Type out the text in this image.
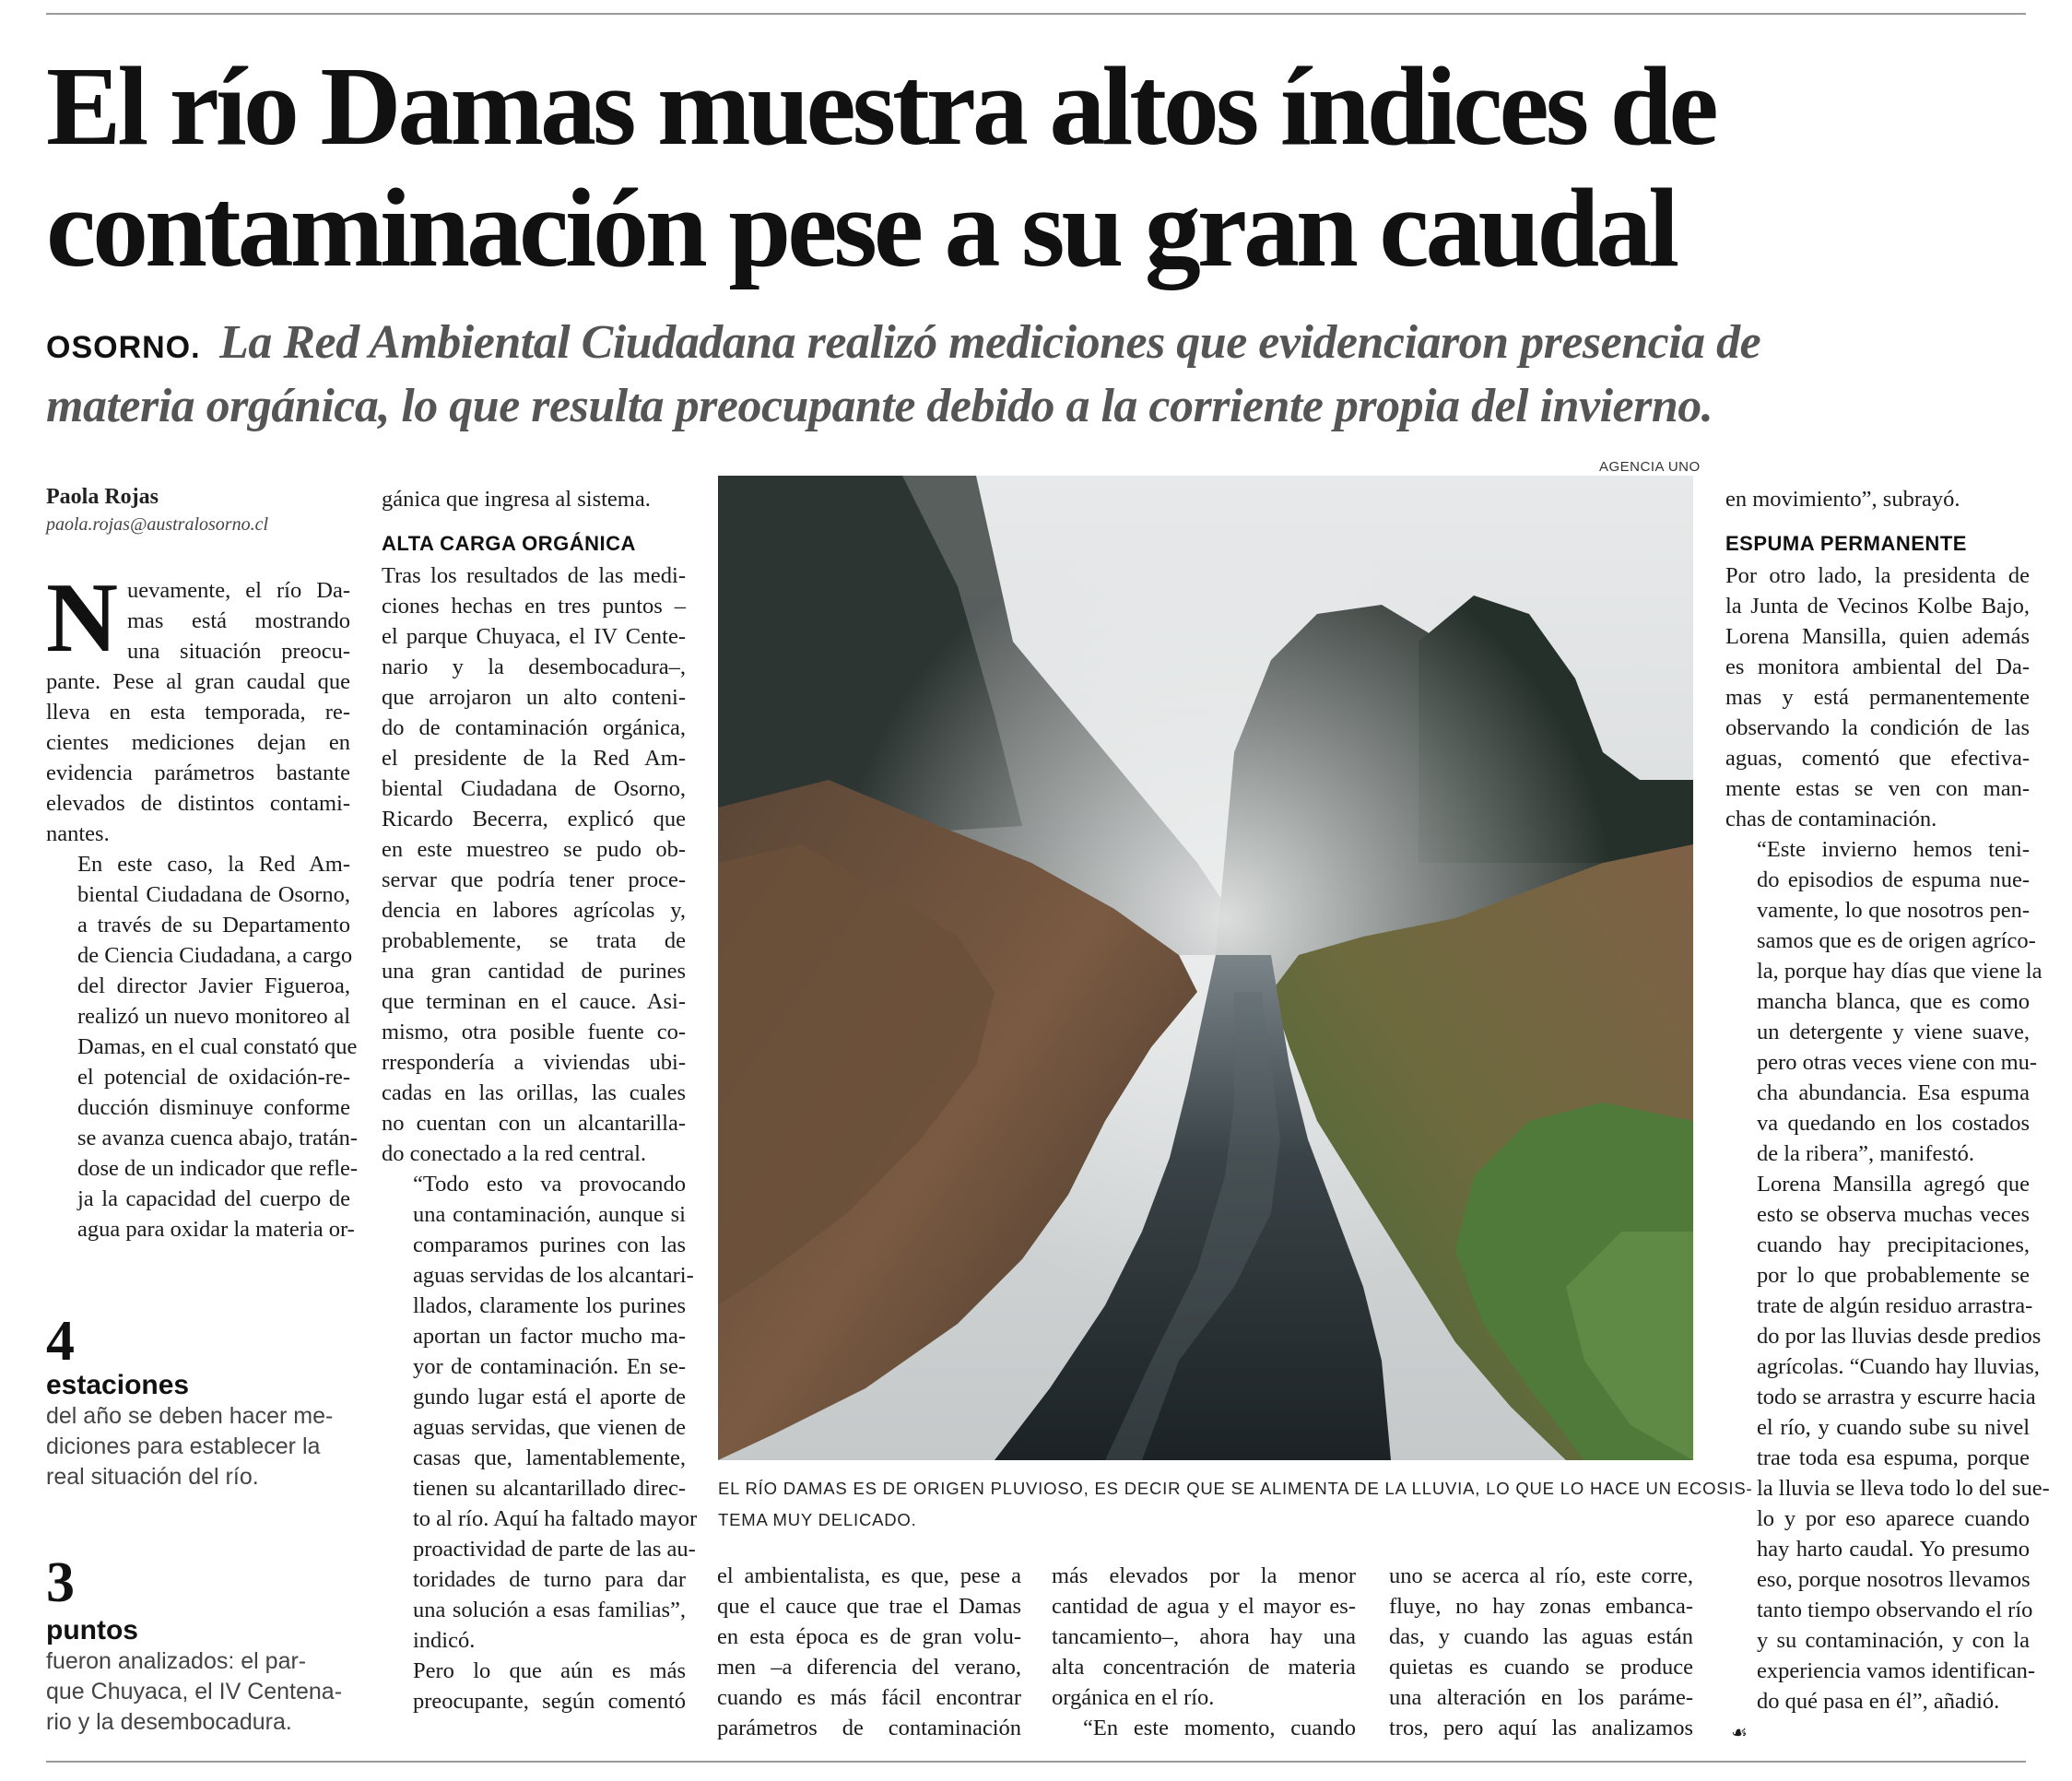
El río Damas muestra altos índices de
contaminación pese a su gran caudal
OSORNO. La Red Ambiental Ciudadana realizó mediciones que evidenciaron presencia de
materia orgánica, lo que resulta preocupante debido a la corriente propia del invierno.
Paola Rojas
paola.rojas@australosorno.cl

N uevamente, el río Da-
mas está mostrando
una situación preocu-
pante. Pese al gran caudal que
lleva en esta temporada, re-
cientes mediciones dejan en
evidencia parámetros bastante
elevados de distintos contami-
nantes.

En este caso, la Red Am-
biental Ciudadana de Osorno,
a través de su Departamento
de Ciencia Ciudadana, a cargo
del director Javier Figueroa,
realizó un nuevo monitoreo al
Damas, en el cual constató que
el potencial de oxidación-re-
ducción disminuye conforme
se avanza cuenca abajo, tratán-
dose de un indicador que refle-
ja la capacidad del cuerpo de
agua para oxidar la materia or-

4
estaciones
del año se deben hacer me-
diciones para establecer la
real situación del río.
3
puntos
fueron analizados: el par-
que Chuyaca, el IV Centena-
rio y la desembocadura.

gánica que ingresa al sistema.

ALTA CARGA ORGÁNICA

Tras los resultados de las medi-
ciones hechas en tres puntos –
el parque Chuyaca, el IV Cente-
nario y la desembocadura–,
que arrojaron un alto conteni-
do de contaminación orgánica,
el presidente de la Red Am-
biental Ciudadana de Osorno,
Ricardo Becerra, explicó que
en este muestreo se pudo ob-
servar que podría tener proce-
dencia en labores agrícolas y,
probablemente, se trata de
una gran cantidad de purines
que terminan en el cauce. Asi-
mismo, otra posible fuente co-
rrespondería a viviendas ubi-
cadas en las orillas, las cuales
no cuentan con un alcantarilla-
do conectado a la red central.

“Todo esto va provocando
una contaminación, aunque si
comparamos purines con las
aguas servidas de los alcantari-
llados, claramente los purines
aportan un factor mucho ma-
yor de contaminación. En se-
gundo lugar está el aporte de
aguas servidas, que vienen de
casas que, lamentablemente,
tienen su alcantarillado direc-
to al río. Aquí ha faltado mayor
proactividad de parte de las au-
toridades de turno para dar
una solución a esas familias”,
indicó.

Pero lo que aún es más
preocupante, según comentó

AGENCIA UNO
EL RÍO DAMAS ES DE ORIGEN PLUVIOSO, ES DECIR QUE SE ALIMENTA DE LA LLUVIA, LO QUE LO HACE UN ECOSIS-
TEMA MUY DELICADO.

el ambientalista, es que, pese a
que el cauce que trae el Damas
en esta época es de gran volu-
men –a diferencia del verano,
cuando es más fácil encontrar
parámetros de contaminación

más elevados por la menor
cantidad de agua y el mayor es-
tancamiento–, ahora hay una
alta concentración de materia
orgánica en el río.

“En este momento, cuando

uno se acerca al río, este corre,
fluye, no hay zonas embanca-
das, y cuando las aguas están
quietas es cuando se produce
una alteración en los paráme-
tros, pero aquí las analizamos

en movimiento”, subrayó.

ESPUMA PERMANENTE

Por otro lado, la presidenta de
la Junta de Vecinos Kolbe Bajo,
Lorena Mansilla, quien además
es monitora ambiental del Da-
mas y está permanentemente
observando la condición de las
aguas, comentó que efectiva-
mente estas se ven con man-
chas de contaminación.

“Este invierno hemos teni-
do episodios de espuma nue-
vamente, lo que nosotros pen-
samos que es de origen agríco-
la, porque hay días que viene la
mancha blanca, que es como
un detergente y viene suave,
pero otras veces viene con mu-
cha abundancia. Esa espuma
va quedando en los costados
de la ribera”, manifestó.

Lorena Mansilla agregó que
esto se observa muchas veces
cuando hay precipitaciones,
por lo que probablemente se
trate de algún residuo arrastra-
do por las lluvias desde predios
agrícolas. “Cuando hay lluvias,
todo se arrastra y escurre hacia
el río, y cuando sube su nivel
trae toda esa espuma, porque
la lluvia se lleva todo lo del sue-
lo y por eso aparece cuando
hay harto caudal. Yo presumo
eso, porque nosotros llevamos
tanto tiempo observando el río
y su contaminación, y con la
experiencia vamos identifican-
do qué pasa en él”, añadió.
☙
